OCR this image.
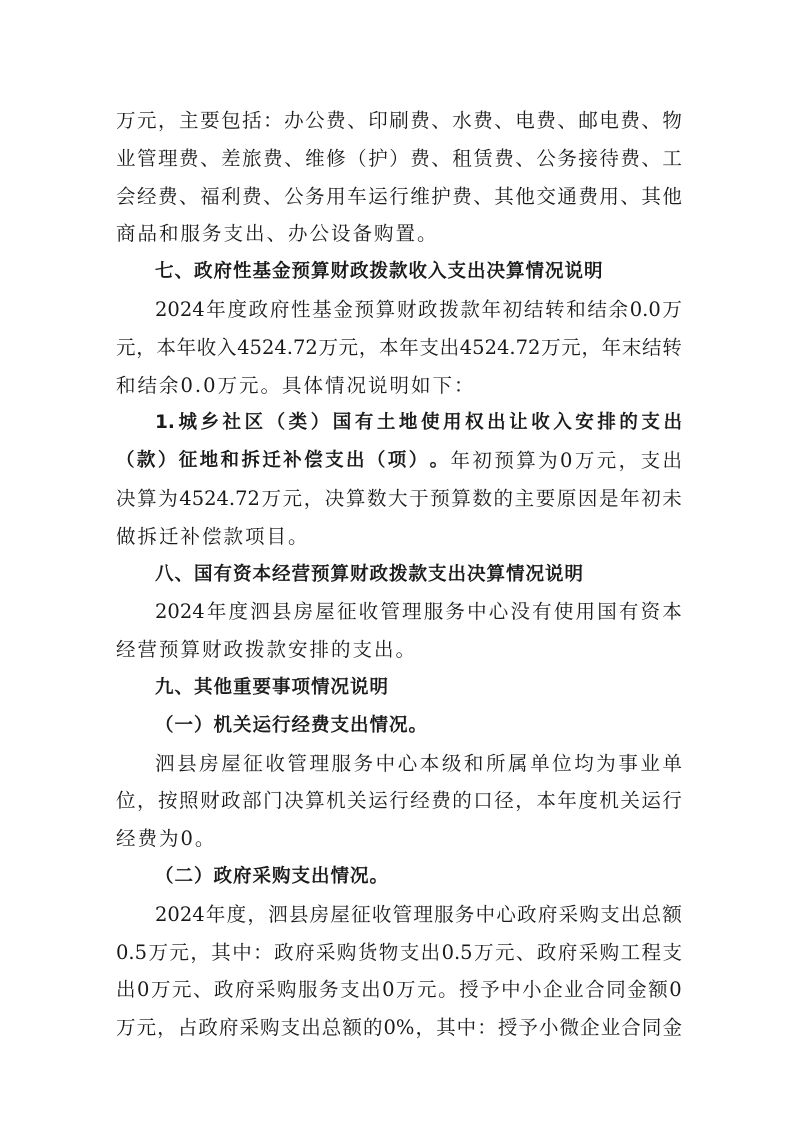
万 元 ， 主 要 包 括 ： 办 公 费 、 印 刷 费 、 水 费 、 电 费 、 邮 电 费 、 物
业 管 理 费 、 差 旅 费 、 维 修 （ 护 ） 费 、 租 赁 费 、 公 务 接 待 费 、 工
会 经 费 、 福 利 费 、 公 务 用 车 运 行 维 护 费 、 其 他 交 通 费 用 、 其 他
商品和服务支出、办公设备购置。
七、政府性基金预算财政拨款收入支出决算情况说明
2024 年 度 政 府 性 基 金 预 算 财 政 拨 款 年 初 结 转 和 结 余 0.0 万
元 ， 本 年 收 入 4524.72 万 元 ， 本 年 支 出 4524.72 万 元 ， 年 末 结 转
和结余0.0万元。具体情况说明如下：
1. 城 乡 社 区 （ 类 ） 国 有 土 地 使 用 权 出 让 收 入 安 排 的 支 出
（ 款 ） 征 地 和 拆 迁 补 偿 支 出 （ 项 ） 。 年 初 预 算 为 0 万 元 ， 支 出
决 算 为 4524.72 万 元 ， 决 算 数 大 于 预 算 数 的 主 要 原 因 是 年 初 未
做拆迁补偿款项目。
八、国有资本经营预算财政拨款支出决算情况说明
2024 年 度 泗 县 房 屋 征 收 管 理 服 务 中 心 没 有 使 用 国 有 资 本
经营预算财政拨款安排的支出。
九、其他重要事项情况说明
（一）机关运行经费支出情况。
泗 县 房 屋 征 收 管 理 服 务 中 心 本 级 和 所 属 单 位 均 为 事 业 单
位 ， 按 照 财 政 部 门 决 算 机 关 运 行 经 费 的 口 径 ， 本 年 度 机 关 运 行
经费为0。
（二）政府采购支出情况。
2024 年 度 ， 泗 县 房 屋 征 收 管 理 服 务 中 心 政 府 采 购 支 出 总 额
0.5 万 元 ， 其 中 ： 政 府 采 购 货 物 支 出 0.5 万 元 、 政 府 采 购 工 程 支
出 0 万 元 、 政 府 采 购 服 务 支 出 0 万 元 。 授 予 中 小 企 业 合 同 金 额 0
万 元 ， 占 政 府 采 购 支 出 总 额 的 0% ， 其 中 ： 授 予 小 微 企 业 合 同 金
